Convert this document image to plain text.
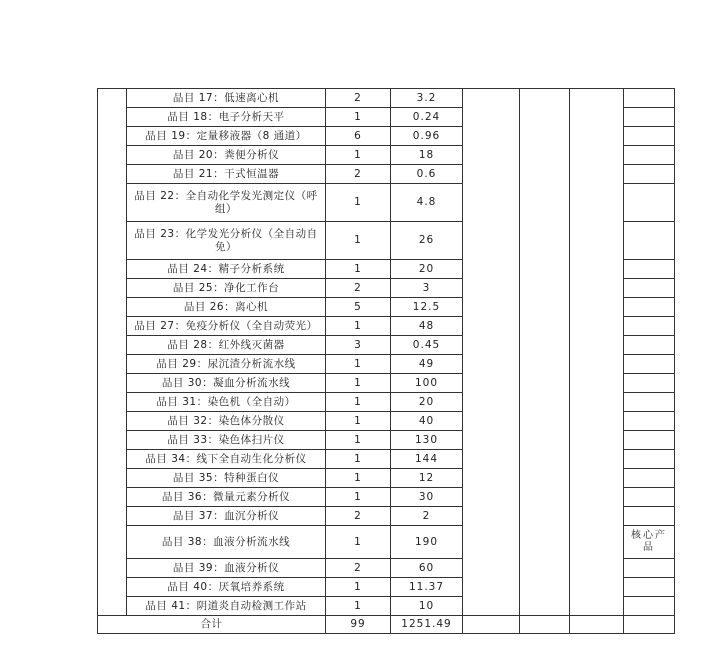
	品目 17：低速离心机	2	3.2				
	品目 18：电子分析天平	1	0.24				
	品目 19：定量移液器（8 通道）	6	0.96				
	品目 20：粪便分析仪	1	18				
	品目 21：干式恒温器	2	0.6				
	品目 22：全自动化学发光测定仪（呼组）	1	4.8				
	品目 23：化学发光分析仪（全自动自免）	1	26				
	品目 24：精子分析系统	1	20				
	品目 25：净化工作台	2	3				
	品目 26：离心机	5	12.5				
	品目 27：免疫分析仪（全自动荧光）	1	48				
	品目 28：红外线灭菌器	3	0.45				
	品目 29：尿沉渣分析流水线	1	49				
	品目 30：凝血分析流水线	1	100				
	品目 31：染色机（全自动）	1	20				
	品目 32：染色体分散仪	1	40				
	品目 33：染色体扫片仪	1	130				
	品目 34：线下全自动生化分析仪	1	144				
	品目 35：特种蛋白仪	1	12				
	品目 36：微量元素分析仪	1	30				
	品目 37：血沉分析仪	2	2				
	品目 38：血液分析流水线	1	190				核心产品
	品目 39：血液分析仪	2	60				
	品目 40：厌氧培养系统	1	11.37				
	品目 41：阴道炎自动检测工作站	1	10				
合计		99	1251.49				
